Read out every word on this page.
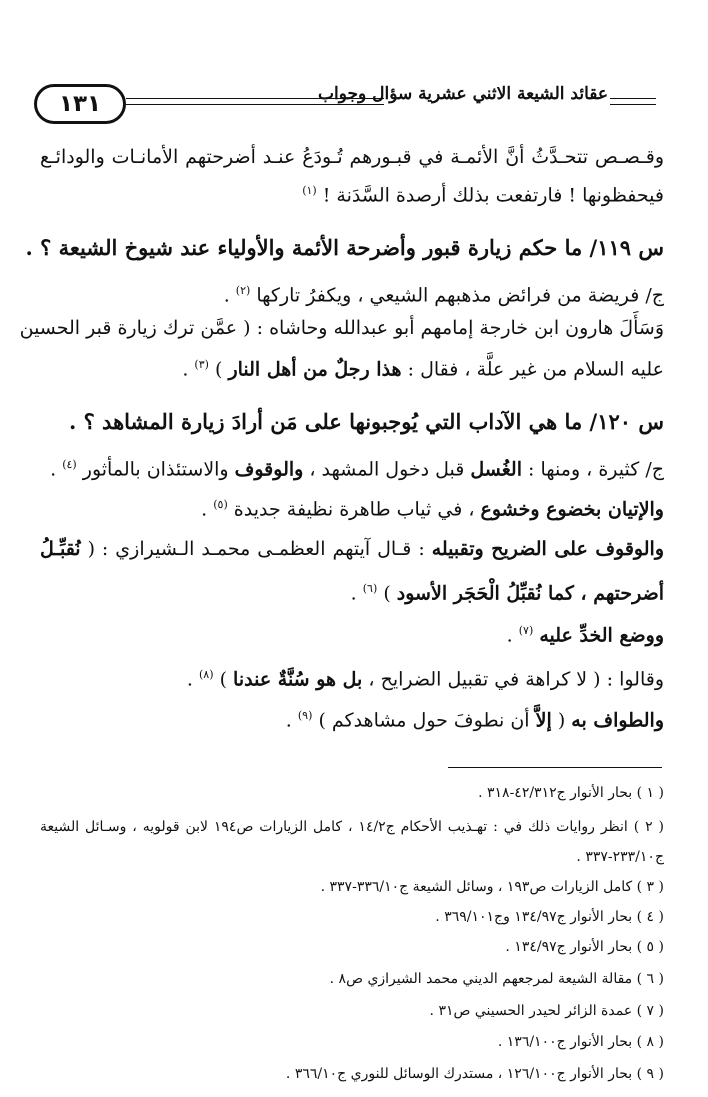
١٣١	عقائد الشيعة الاثني عشرية سؤال وجواب
وقـصـص تتحـدَّثُ أنَّ الأئمـة في قبـورهم تُـودَعُ عنـد أضرحتهم الأمانـات والودائـع
فيحفظونها ! فارتفعت بذلك أرصدة السَّدَنة ! $^{(١)}$
س ١١٩/ ما حكم زيارة قبور وأضرحة الأئمة والأولياء عند شيوخ الشيعة ؟ .
ج/ فريضة من فرائض مذهبهم الشيعي ، ويكفرُ تاركها $^{(٢)}$ .
وَسَأَلَ هارون ابن خارجة إمامهم أبو عبدالله وحاشاه : ( عمَّن ترك زيارة قبر الحسين
عليه السلام من غير علَّة ، فقال : هذا رجلٌ من أهل النار ) $^{(٣)}$ .
س ١٢٠/ ما هي الآداب التي يُوجبونها على مَن أرادَ زيارة المشاهد ؟ .
ج/ كثيرة ، ومنها : الغُسل قبل دخول المشهد ، والوقوف والاستئذان بالمأثور $^{(٤)}$ .
والإتيان بخضوع وخشوع ، في ثياب طاهرة نظيفة جديدة $^{(٥)}$ .
والوقوف على الضريح وتقبيله : قـال آيتهم العظمـى محمـد الـشيرازي : ( نُقبِّـلُ
أضرحتهم ، كما نُقبِّلُ الْحَجَر الأسود ) $^{(٦)}$ .
ووضع الخدِّ عليه $^{(٧)}$ .
وقالوا : ( لا كراهة في تقبيل الضرايح ، بل هو سُنَّةٌ عندنا ) $^{(٨)}$ .
والطواف به ( إلاَّ أن نطوفَ حول مشاهدكم ) $^{(٩)}$ .
( ١ ) بحار الأنوار ج٤٢/٣١٢-٣١٨ .
( ٢ ) انظر روايات ذلك في : تهـذيب الأحكام ج١٤/٢ ، كامل الزيارات ص١٩٤ لابن قولويه ، وسـائل الشيعة
ج٢٣٣/١٠-٣٣٧ .
( ٣ ) كامل الزيارات ص١٩٣ ، وسائل الشيعة ج٣٣٦/١٠-٣٣٧ .
( ٤ ) بحار الأنوار ج١٣٤/٩٧ وج٣٦٩/١٠١ .
( ٥ ) بحار الأنوار ج١٣٤/٩٧ .
( ٦ ) مقالة الشيعة لمرجعهم الديني محمد الشيرازي ص٨ .
( ٧ ) عمدة الزائر لحيدر الحسيني ص٣١ .
( ٨ ) بحار الأنوار ج١٣٦/١٠٠ .
( ٩ ) بحار الأنوار ج١٢٦/١٠٠ ، مستدرك الوسائل للنوري ج٣٦٦/١٠ .
